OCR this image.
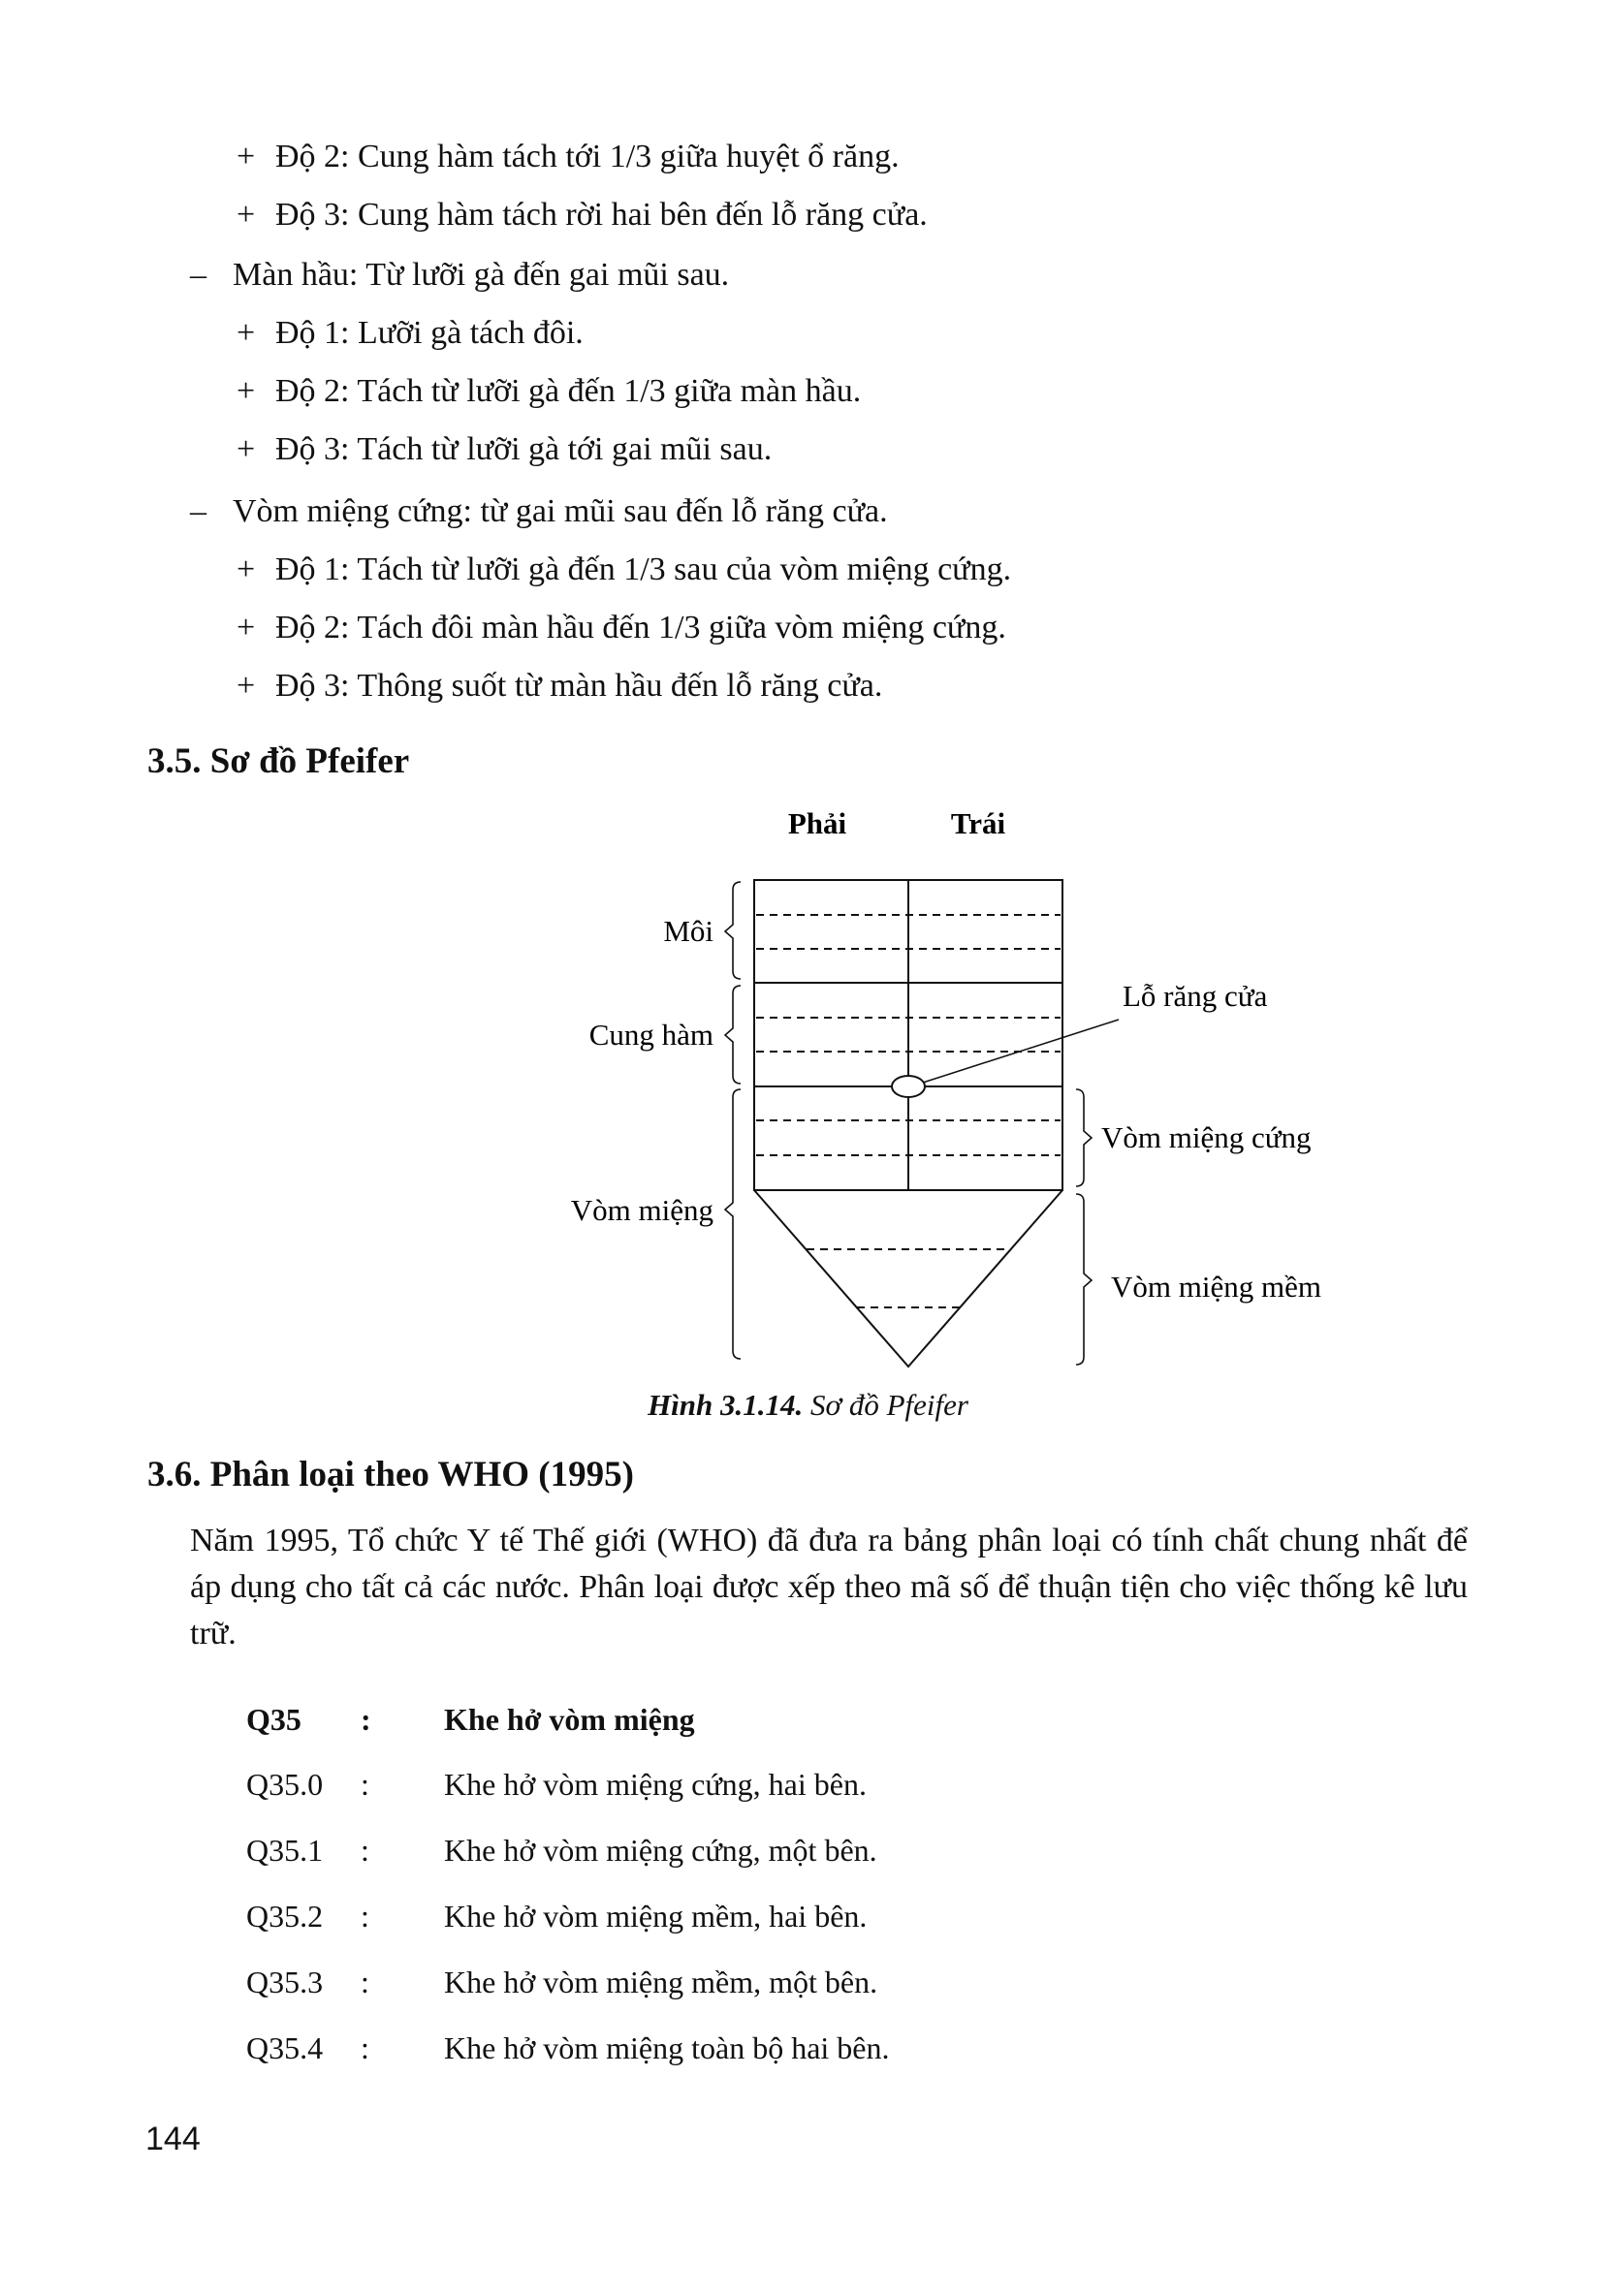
+ Độ 2: Cung hàm tách tới 1/3 giữa huyệt ổ răng.
+ Độ 3: Cung hàm tách rời hai bên đến lỗ răng cửa.
– Màn hầu: Từ lưỡi gà đến gai mũi sau.
+ Độ 1: Lưỡi gà tách đôi.
+ Độ 2: Tách từ lưỡi gà đến 1/3 giữa màn hầu.
+ Độ 3: Tách từ lưỡi gà tới gai mũi sau.
– Vòm miệng cứng: từ gai mũi sau đến lỗ răng cửa.
+ Độ 1: Tách từ lưỡi gà đến 1/3 sau của vòm miệng cứng.
+ Độ 2: Tách đôi màn hầu đến 1/3 giữa vòm miệng cứng.
+ Độ 3: Thông suốt từ màn hầu đến lỗ răng cửa.
3.5. Sơ đồ Pfeifer
Phải	Trái
Lỗ răng cửa
Môi
Cung hàm
Vòm miệng
Vòm miệng cứng
Vòm miệng mềm
Hình 3.1.14. Sơ đồ Pfeifer
3.6. Phân loại theo WHO (1995)
Năm 1995, Tổ chức Y tế Thế giới (WHO) đã đưa ra bảng phân loại có tính chất chung nhất để áp dụng cho tất cả các nước. Phân loại được xếp theo mã số để thuận tiện cho việc thống kê lưu trữ.
Q35 : Khe hở vòm miệng
Q35.0 : Khe hở vòm miệng cứng, hai bên.
Q35.1 : Khe hở vòm miệng cứng, một bên.
Q35.2 : Khe hở vòm miệng mềm, hai bên.
Q35.3 : Khe hở vòm miệng mềm, một bên.
Q35.4 : Khe hở vòm miệng toàn bộ hai bên.
144
